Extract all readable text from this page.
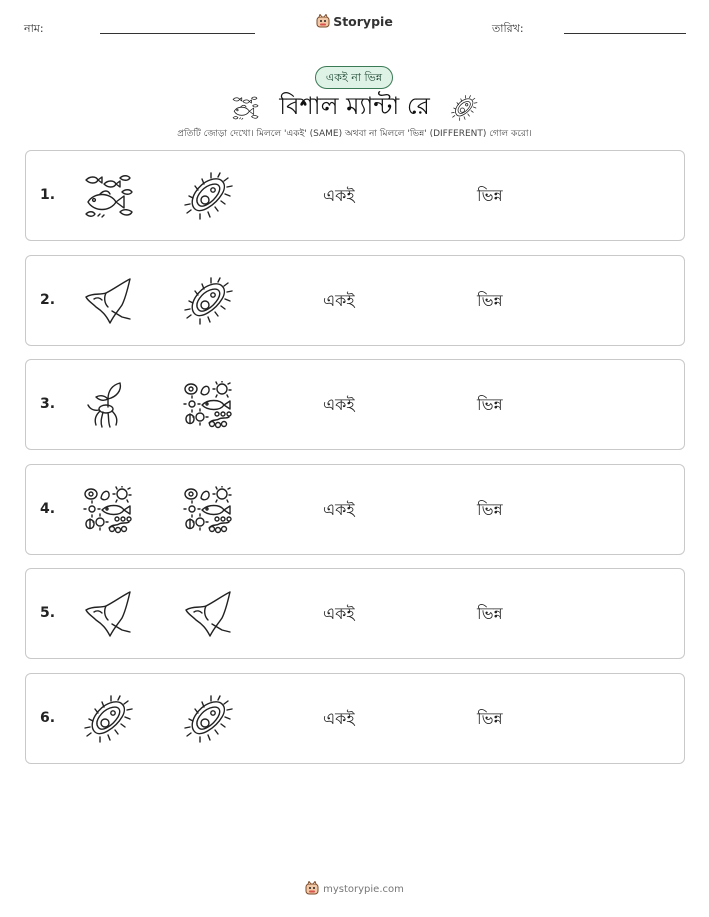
নাম:	Storypie	তারিখ:
একই না ভিন্ন
বিশাল ম্যান্টা রে
প্রতিটি জোড়া দেখো। মিললে 'একই' (SAME) অথবা না মিললে 'ভিন্ন' (DIFFERENT) গোল করো।
1.	একই	ভিন্ন
2.	একই	ভিন্ন
3.	একই	ভিন্ন
4.	একই	ভিন্ন
5.	একই	ভিন্ন
6.	একই	ভিন্ন
mystorypie.com
